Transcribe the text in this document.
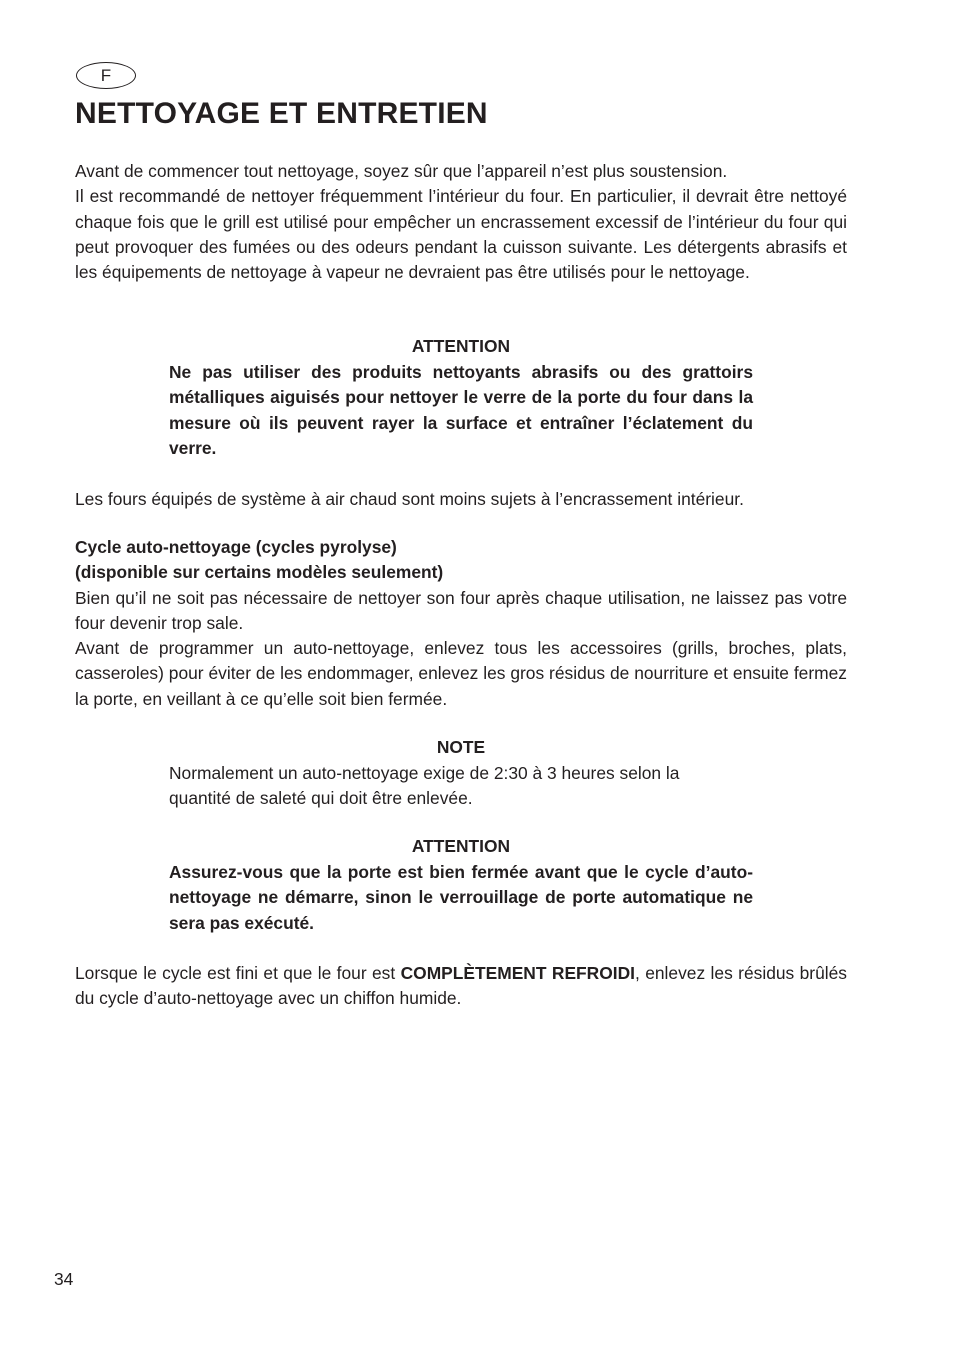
F
NETTOYAGE ET ENTRETIEN

Avant de commencer tout nettoyage, soyez sûr que l’appareil n’est plus soustension.
Il est recommandé de nettoyer fréquemment l’intérieur du four. En particulier, il devrait être nettoyé chaque fois que le grill est utilisé pour empêcher un encrassement excessif de l’intérieur du four qui peut provoquer des fumées ou des odeurs pendant la cuisson suivante. Les détergents abrasifs et les équipements de nettoyage à vapeur ne devraient pas être utilisés pour le nettoyage.

ATTENTION

Ne pas utiliser des produits nettoyants abrasifs ou des grattoirs métalliques aiguisés pour nettoyer le verre de la porte du four dans la mesure où ils peuvent rayer la surface et entraîner l’éclatement du verre.

Les fours équipés de système à air chaud sont moins sujets à l’encrassement intérieur.

Cycle auto-nettoyage (cycles pyrolyse)
(disponible sur certains modèles seulement)
Bien qu’il ne soit pas nécessaire de nettoyer son four après chaque utilisation, ne laissez pas votre four devenir trop sale.
Avant de programmer un auto-nettoyage, enlevez tous les accessoires (grills, broches, plats, casseroles) pour éviter de les endommager, enlevez les gros résidus de nourriture et ensuite fermez la porte, en veillant à ce qu’elle soit bien fermée.

NOTE

Normalement un auto-nettoyage exige de 2:30 à 3 heures selon la
quantité de saleté qui doit être enlevée.

ATTENTION

Assurez-vous que la porte est bien fermée avant que le cycle d’auto-nettoyage ne démarre, sinon le verrouillage de porte automatique ne sera pas exécuté.

Lorsque le cycle est fini et que le four est COMPLÈTEMENT REFROIDI, enlevez les résidus brûlés du cycle d’auto-nettoyage avec un chiffon humide.

34
